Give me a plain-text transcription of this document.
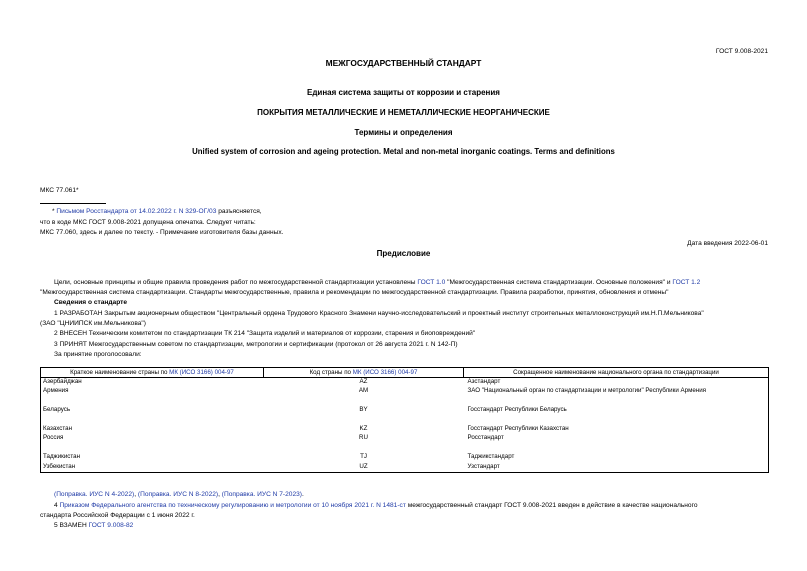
ГОСТ 9.008-2021
МЕЖГОСУДАРСТВЕННЫЙ СТАНДАРТ
Единая система защиты от коррозии и старения
ПОКРЫТИЯ МЕТАЛЛИЧЕСКИЕ И НЕМЕТАЛЛИЧЕСКИЕ НЕОРГАНИЧЕСКИЕ
Термины и определения
Unified system of corrosion and ageing protection. Metal and non-metal inorganic coatings. Terms and definitions
МКС 77.061*
* Письмом Росстандарта от 14.02.2022 г. N 329-ОГ/03 разъясняется,
что в коде МКС ГОСТ 9.008-2021 допущена опечатка. Следует читать:
МКС 77.060, здесь и далее по тексту. - Примечание изготовителя базы данных.
Дата введения 2022-06-01
Предисловие
Цели, основные принципы и общие правила проведения работ по межгосударственной стандартизации установлены ГОСТ 1.0 "Межгосударственная система стандартизации. Основные положения" и ГОСТ 1.2
"Межгосударственная система стандартизации. Стандарты межгосударственные, правила и рекомендации по межгосударственной стандартизации. Правила разработки, принятия, обновления и отмены"
Сведения о стандарте
1 РАЗРАБОТАН Закрытым акционерным обществом "Центральный ордена Трудового Красного Знамени научно-исследовательский и проектный институт строительных металлоконструкций им.Н.П.Мельникова"
(ЗАО "ЦНИИПСК им.Мельникова")
2 ВНЕСЕН Техническим комитетом по стандартизации ТК 214 "Защита изделий и материалов от коррозии, старения и биоповреждений"
3 ПРИНЯТ Межгосударственным советом по стандартизации, метрологии и сертификации (протокол от 26 августа 2021 г. N 142-П)
За принятие проголосовали:
Краткое наименование страны по МК (ИСО 3166) 004-97	Код страны по МК (ИСО 3166) 004-97	Сокращенное наименование национального органа по стандартизации
Азербайджан	AZ	Азстандарт
Армения	AM	ЗАО "Национальный орган по стандартизации и метрологии" Республики Армения

Беларусь	BY	Госстандарт Республики Беларусь

Казахстан	KZ	Госстандарт Республики Казахстан
Россия	RU	Росстандарт

Таджикистан	TJ	Таджикстандарт
Узбекистан	UZ	Узстандарт
(Поправка. ИУС N 4-2022), (Поправка. ИУС N 8-2022), (Поправка. ИУС N 7-2023).
4 Приказом Федерального агентства по техническому регулированию и метрологии от 10 ноября 2021 г. N 1481-ст межгосударственный стандарт ГОСТ 9.008-2021 введен в действие в качестве национального
стандарта Российской Федерации с 1 июня 2022 г.
5 ВЗАМЕН ГОСТ 9.008-82
